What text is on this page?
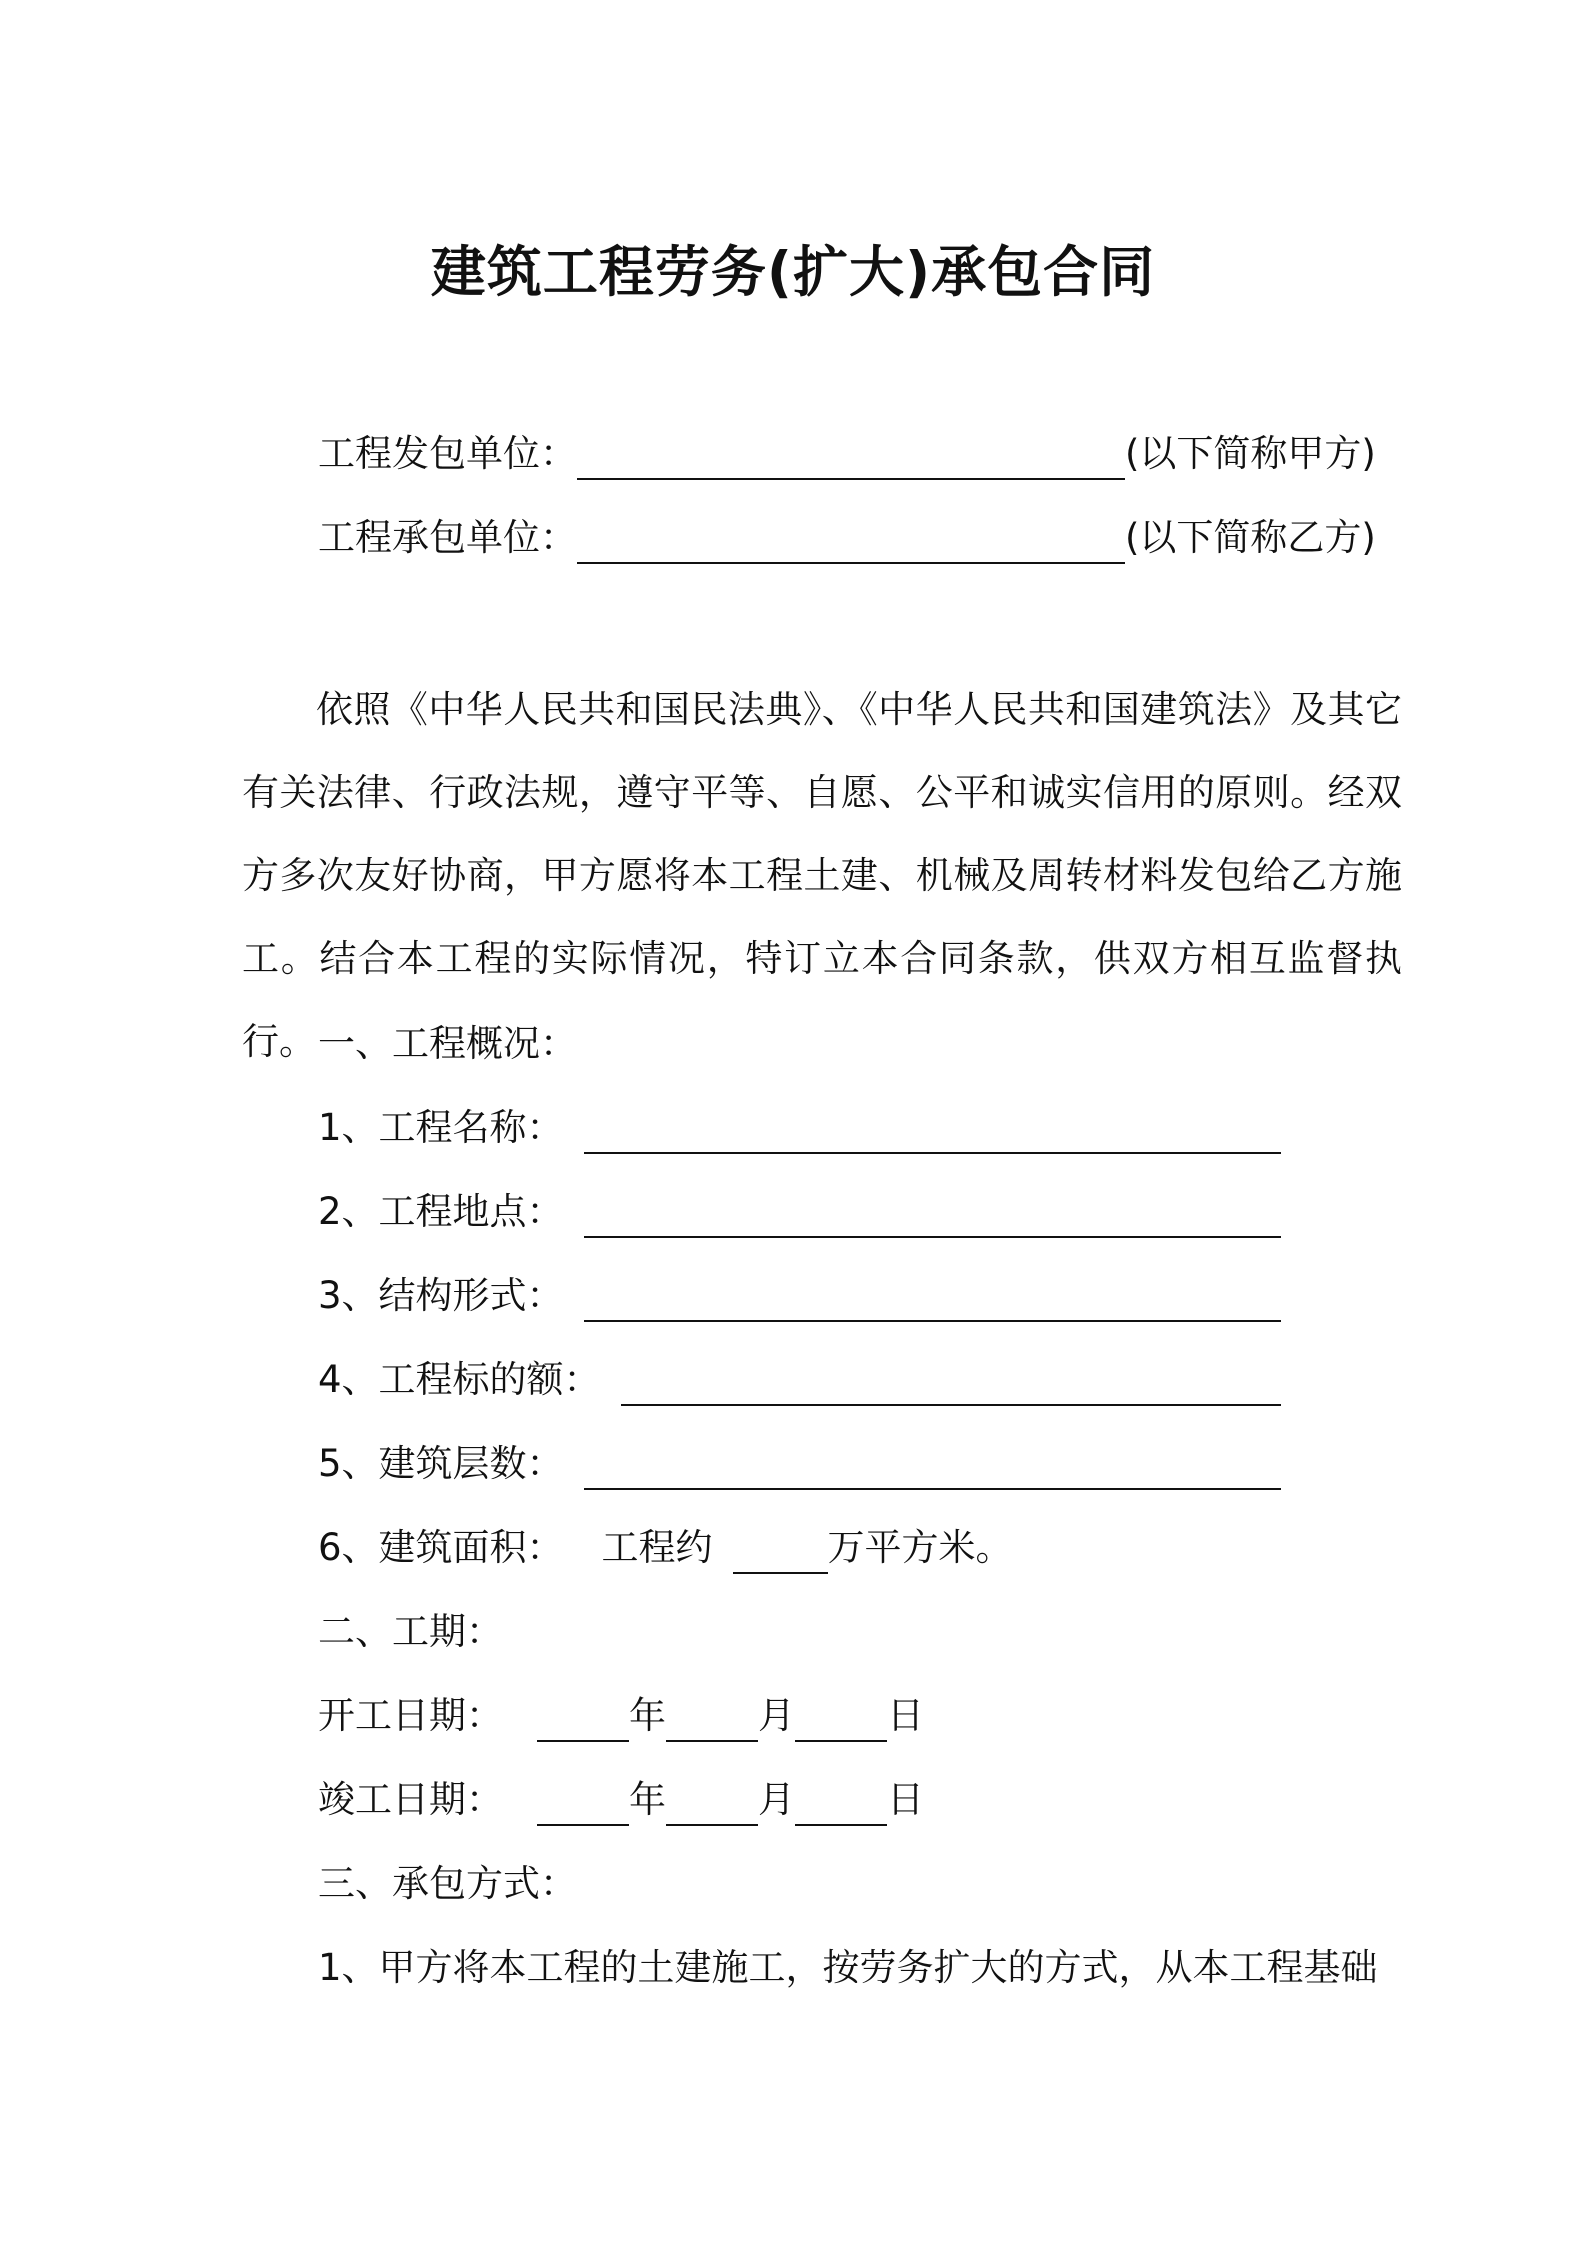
建筑工程劳务(扩大)承包合同
工程发包单位：	(以下简称甲方)
工程承包单位：	(以下简称乙方)
依照《中华人民共和国民法典》、《中华人民共和国建筑法》及其它有关法律、行政法规，遵守平等、自愿、公平和诚实信用的原则。经双方多次友好协商，甲方愿将本工程土建、机械及周转材料发包给乙方施工。结合本工程的实际情况，特订立本合同条款，供双方相互监督执行。 一、工程概况：
1、工程名称：
2、工程地点：
3、结构形式：
4、工程标的额：
5、建筑层数：
6、建筑面积： 工程约	万平方米。
二、工期：
开工日期：	年 月 日
竣工日期：	年 月 日
三、承包方式：
1、甲方将本工程的土建施工，按劳务扩大的方式，从本工程基础
